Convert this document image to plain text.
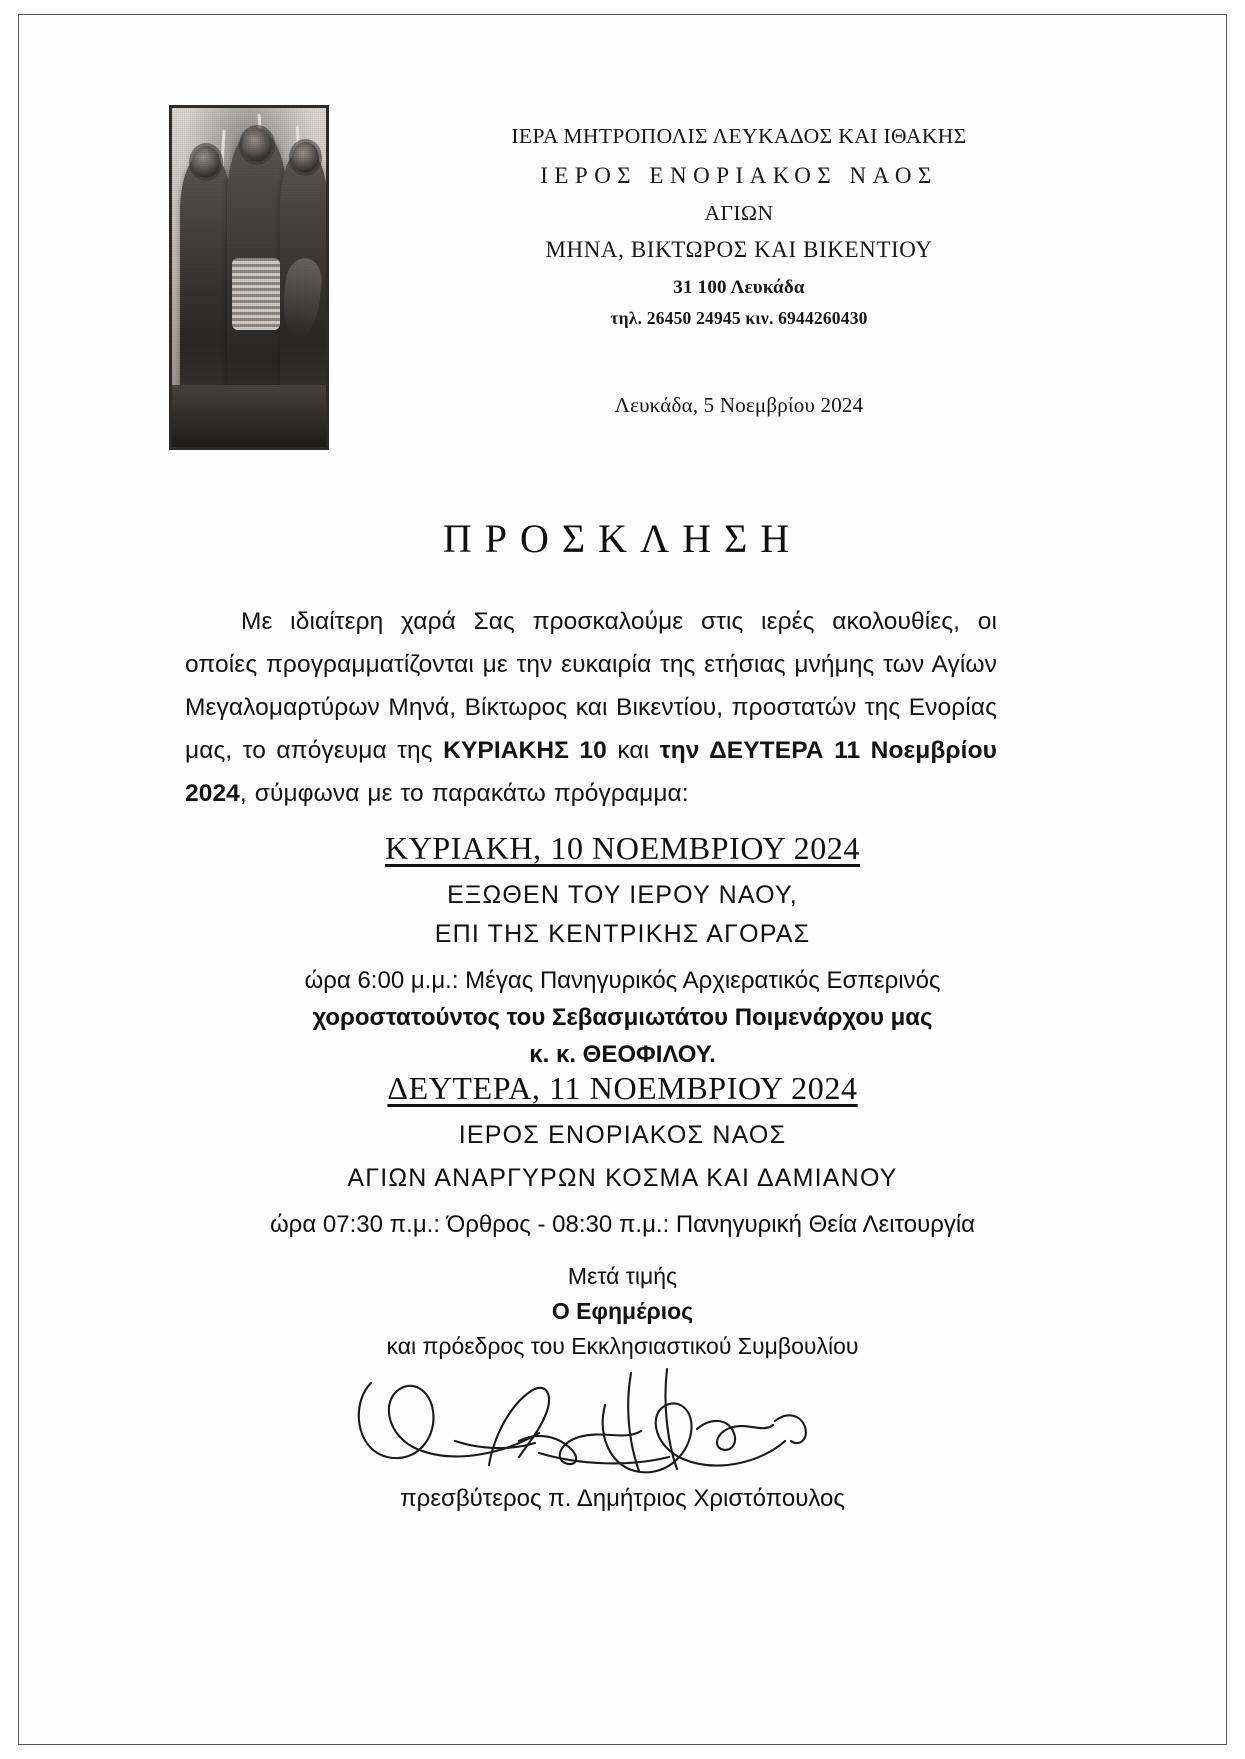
ΙΕΡΑ ΜΗΤΡΟΠΟΛΙΣ ΛΕΥΚΑΔΟΣ ΚΑΙ ΙΘΑΚΗΣ
ΙΕΡΟΣ ΕΝΟΡΙΑΚΟΣ ΝΑΟΣ
ΑΓΙΩΝ
ΜΗΝΑ, ΒΙΚΤΩΡΟΣ ΚΑΙ ΒΙΚΕΝΤΙΟΥ
31 100 Λευκάδα
τηλ. 26450 24945 κιν. 6944260430
Λευκάδα, 5 Νοεμβρίου 2024
ΠΡΟΣΚΛΗΣΗ
Με ιδιαίτερη χαρά Σας προσκαλούμε στις ιερές ακολουθίες, οι οποίες προγραμματίζονται με την ευκαιρία της ετήσιας μνήμης των Αγίων Μεγαλομαρτύρων Μηνά, Βίκτωρος και Βικεντίου, προστατών της Ενορίας μας, το απόγευμα της ΚΥΡΙΑΚΗΣ 10 και την ΔΕΥΤΕΡΑ 11 Νοεμβρίου 2024, σύμφωνα με το παρακάτω πρόγραμμα:
ΚΥΡΙΑΚΗ, 10 ΝΟΕΜΒΡΙΟΥ 2024
ΕΞΩΘΕΝ ΤΟΥ ΙΕΡΟΥ ΝΑΟΥ,
ΕΠΙ ΤΗΣ ΚΕΝΤΡΙΚΗΣ ΑΓΟΡΑΣ
ώρα 6:00 μ.μ.: Μέγας Πανηγυρικός Αρχιερατικός Εσπερινός
χοροστατούντος του Σεβασμιωτάτου Ποιμενάρχου μας
κ. κ. ΘΕΟΦΙΛΟΥ.
ΔΕΥΤΕΡΑ, 11 ΝΟΕΜΒΡΙΟΥ 2024
ΙΕΡΟΣ ΕΝΟΡΙΑΚΟΣ ΝΑΟΣ
ΑΓΙΩΝ ΑΝΑΡΓΥΡΩΝ ΚΟΣΜΑ ΚΑΙ ΔΑΜΙΑΝΟΥ
ώρα 07:30 π.μ.: Όρθρος - 08:30 π.μ.: Πανηγυρική Θεία Λειτουργία
Μετά τιμής
Ο Εφημέριος
και πρόεδρος του Εκκλησιαστικού Συμβουλίου
πρεσβύτερος π. Δημήτριος Χριστόπουλος
